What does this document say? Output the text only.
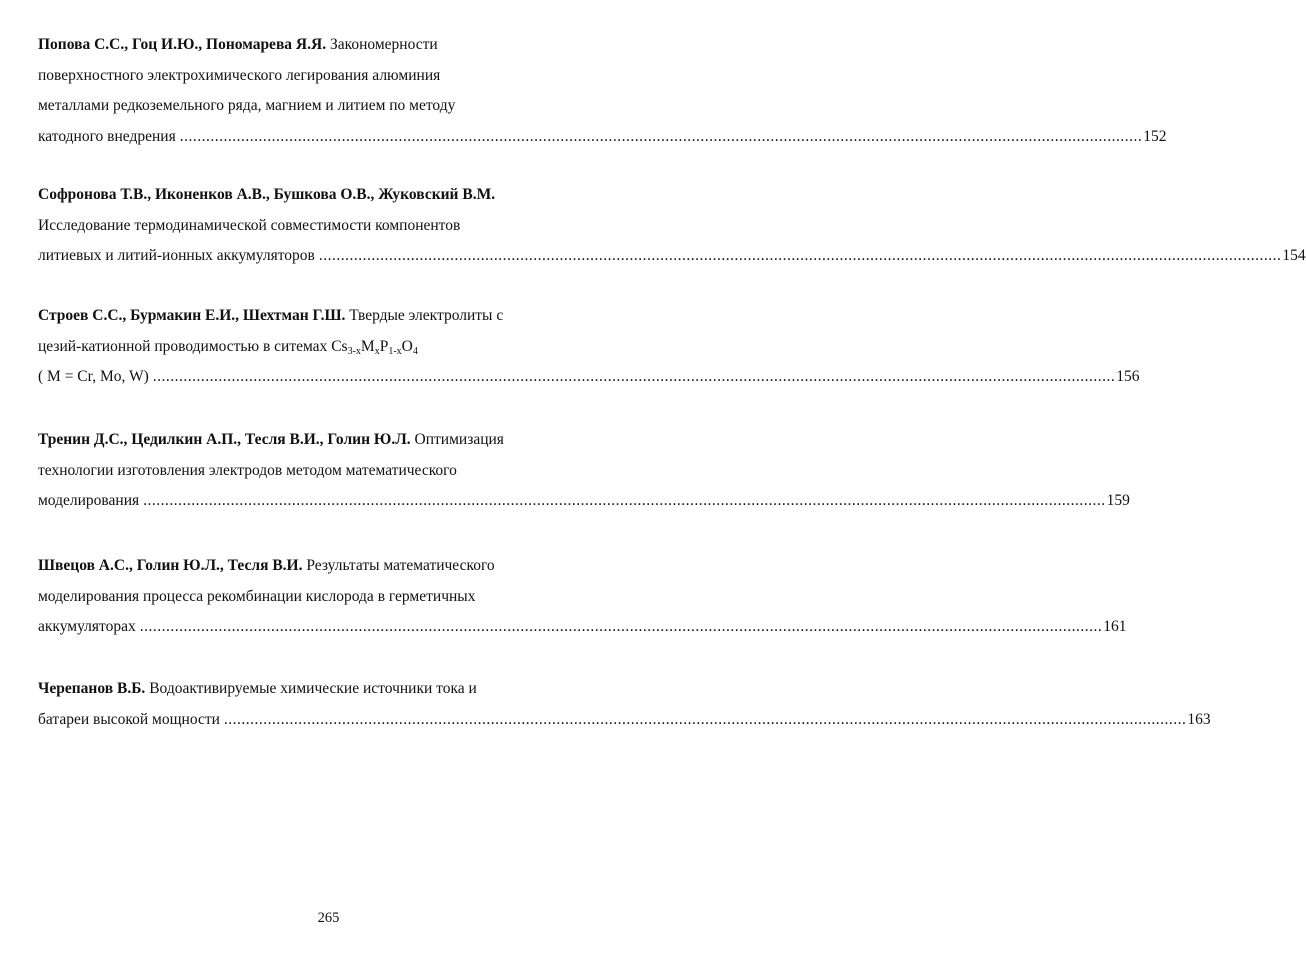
Попова С.С., Гоц И.Ю., Пономарева Я.Я. Закономерности
поверхностного электрохимического легирования алюминия
металлами редкоземельного ряда, магнием и литием по методу
катодного внедрения ............................................................................................................................................................................................................................ 152
Софронова Т.В., Иконенков А.В., Бушкова О.В., Жуковский В.М.
Исследование термодинамической совместимости компонентов
литиевых и литий-ионных аккумуляторов ............................................................................................................................................................................................................................ 154
Строев С.С., Бурмакин Е.И., Шехтман Г.Ш. Твердые электролиты с
цезий-катионной проводимостью в ситемах $Cs_{3-x}M_xP_{1-x}O_4$
( M = Cr, Mo, W) ............................................................................................................................................................................................................................ 156
Тренин Д.С., Цедилкин А.П., Тесля В.И., Голин Ю.Л. Оптимизация
технологии изготовления электродов методом математического
моделирования ............................................................................................................................................................................................................................ 159
Швецов А.С., Голин Ю.Л., Тесля В.И. Результаты математического
моделирования процесса рекомбинации кислорода в герметичных
аккумуляторах ............................................................................................................................................................................................................................ 161
Черепанов В.Б. Водоактивируемые химические источники тока и
батареи высокой мощности ............................................................................................................................................................................................................................ 163
265
